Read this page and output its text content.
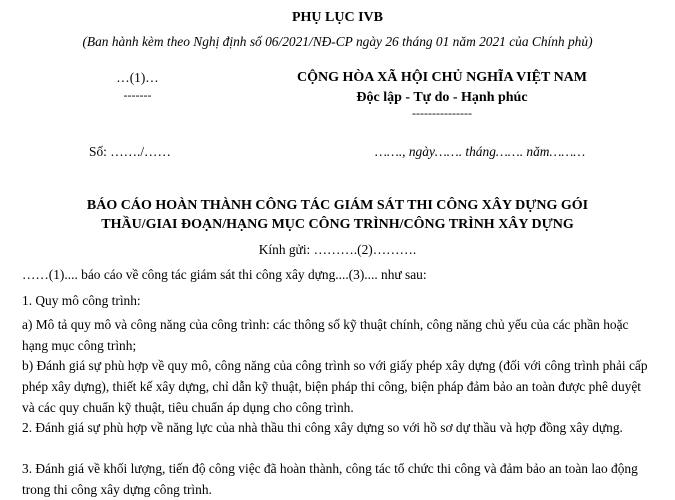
PHỤ LỤC IVB
(Ban hành kèm theo Nghị định số 06/2021/NĐ-CP ngày 26 tháng 01 năm 2021 của Chính phủ)
…(1)…
-------
CỘNG HÒA XÃ HỘI CHỦ NGHĨA VIỆT NAM
Độc lập - Tự do - Hạnh phúc
---------------
Số: ……./……	……., ngày……. tháng……. năm………
BÁO CÁO HOÀN THÀNH CÔNG TÁC GIÁM SÁT THI CÔNG XÂY DỰNG GÓI
THẦU/GIAI ĐOẠN/HẠNG MỤC CÔNG TRÌNH/CÔNG TRÌNH XÂY DỰNG
Kính gửi: ……….(2)……….
……(1).... báo cáo về công tác giám sát thi công xây dựng....(3).... như sau:
1. Quy mô công trình:
a) Mô tả quy mô và công năng của công trình: các thông số kỹ thuật chính, công năng chủ yếu của các phần hoặc hạng mục công trình;
b) Đánh giá sự phù hợp về quy mô, công năng của công trình so với giấy phép xây dựng (đối với công trình phải cấp phép xây dựng), thiết kế xây dựng, chỉ dẫn kỹ thuật, biện pháp thi công, biện pháp đảm bảo an toàn được phê duyệt và các quy chuẩn kỹ thuật, tiêu chuẩn áp dụng cho công trình.
2. Đánh giá sự phù hợp về năng lực của nhà thầu thi công xây dựng so với hồ sơ dự thầu và hợp đồng xây dựng.
3. Đánh giá về khối lượng, tiến độ công việc đã hoàn thành, công tác tổ chức thi công và đảm bảo an toàn lao động trong thi công xây dựng công trình.
